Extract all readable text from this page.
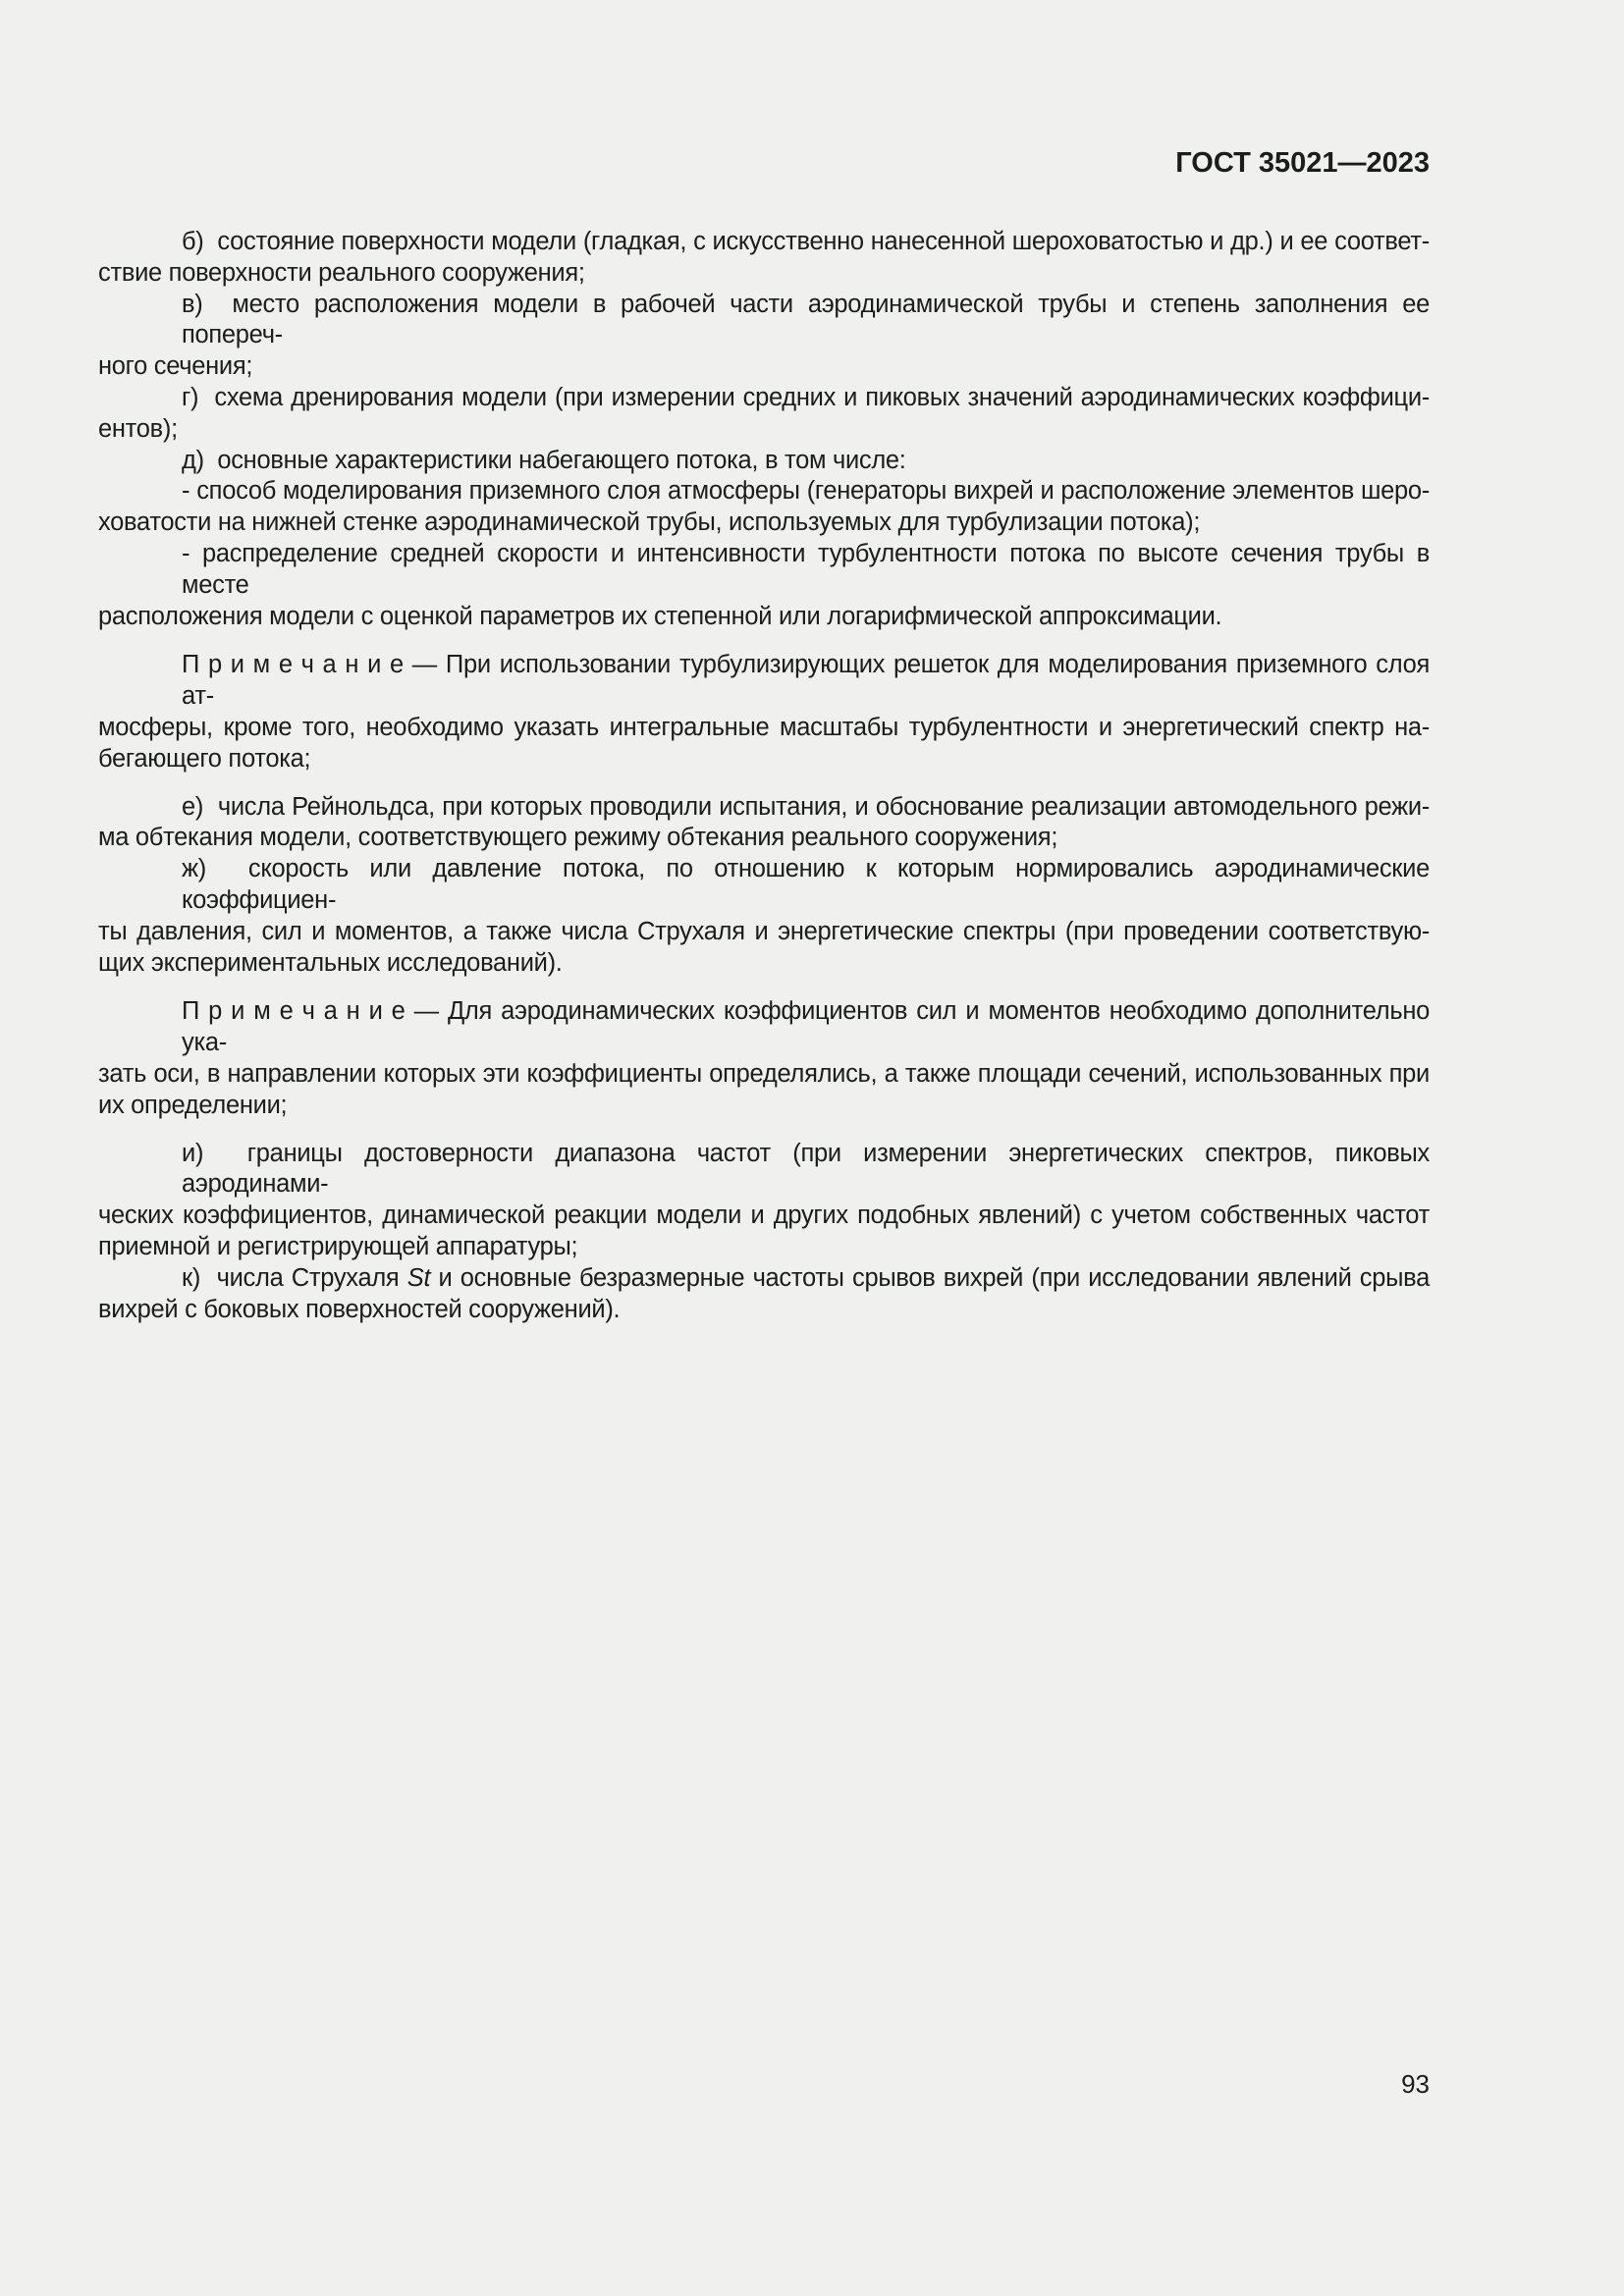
ГОСТ 35021—2023
б)  состояние поверхности модели (гладкая, с искусственно нанесенной шероховатостью и др.) и ее соответ-
ствие поверхности реального сооружения;
в)  место расположения модели в рабочей части аэродинамической трубы и степень заполнения ее попереч-
ного сечения;
г)  схема дренирования модели (при измерении средних и пиковых значений аэродинамических коэффици-
ентов);
д)  основные характеристики набегающего потока, в том числе:
- способ моделирования приземного слоя атмосферы (генераторы вихрей и расположение элементов шеро-
ховатости на нижней стенке аэродинамической трубы, используемых для турбулизации потока);
- распределение средней скорости и интенсивности турбулентности потока по высоте сечения трубы в месте
расположения модели с оценкой параметров их степенной или логарифмической аппроксимации.
П р и м е ч а н и е — При использовании турбулизирующих решеток для моделирования приземного слоя ат-
мосферы, кроме того, необходимо указать интегральные масштабы турбулентности и энергетический спектр на-
бегающего потока;
е)  числа Рейнольдса, при которых проводили испытания, и обоснование реализации автомодельного режи-
ма обтекания модели, соответствующего режиму обтекания реального сооружения;
ж)  скорость или давление потока, по отношению к которым нормировались аэродинамические коэффициен-
ты давления, сил и моментов, а также числа Струхаля и энергетические спектры (при проведении соответствую-
щих экспериментальных исследований).
П р и м е ч а н и е — Для аэродинамических коэффициентов сил и моментов необходимо дополнительно ука-
зать оси, в направлении которых эти коэффициенты определялись, а также площади сечений, использованных при
их определении;
и)  границы достоверности диапазона частот (при измерении энергетических спектров, пиковых аэродинами-
ческих коэффициентов, динамической реакции модели и других подобных явлений) с учетом собственных частот
приемной и регистрирующей аппаратуры;
к)  числа Струхаля St и основные безразмерные частоты срывов вихрей (при исследовании явлений срыва
вихрей с боковых поверхностей сооружений).
93
